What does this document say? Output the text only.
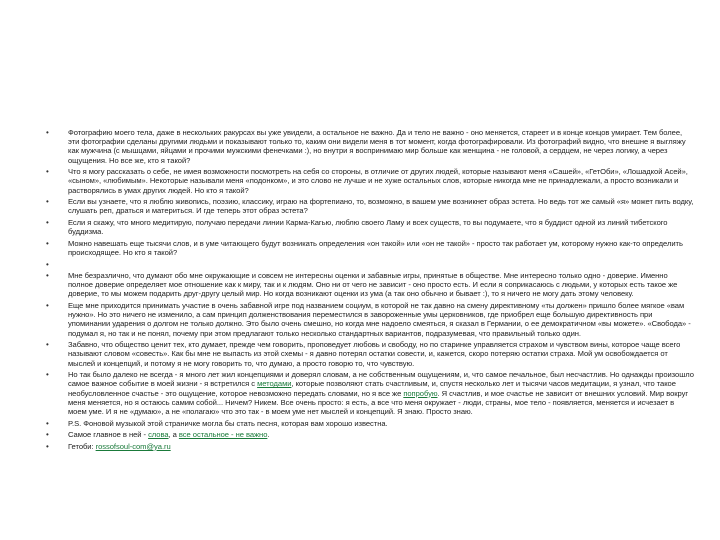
• Фотографию моего тела, даже в нескольких ракурсах вы уже увидели, а остальное не важно. Да и тело не важно - оно меняется, стареет и в конце концов умирает. Тем более, эти фотографии сделаны другими людьми и показывают только то, каким они видели меня в тот момент, когда фотографировали. Из фотографий видно, что внешне я выгляжу как мужчина (с мышцами, яйцами и прочими мужскими фенечками :), но внутри я воспринимаю мир больше как женщина - не головой, а сердцем, не через логику, а через ощущения. Но все же, кто я такой?
• Что я могу рассказать о себе, не имея возможности посмотреть на себя со стороны, в отличие от других людей, которые называют меня «Сашей», «ГетОби», «Лошадкой Асей», «сыном», «любимым». Некоторые называли меня «подонком», и это слово не лучше и не хуже остальных слов, которые никогда мне не принадлежали, а просто возникали и растворялись в умах других людей. Но кто я такой?
• Если вы узнаете, что я люблю живопись, поэзию, классику, играю на фортепиано, то, возможно, в вашем уме возникнет образ эстета. Но ведь тот же самый «я» может пить водку, слушать реп, драться и материться. И где теперь этот образ эстета?
• Если я скажу, что много медитирую, получаю передачи линии Карма-Кагью, люблю своего Ламу и всех существ, то вы подумаете, что я буддист одной из линий тибетского буддизма.
• Можно навешать еще тысячи слов, и в уме читающего будут возникать определения «он такой» или «он не такой» - просто так работает ум, которому нужно как-то определить происходящее. Но кто я такой?
•
• Мне безразлично, что думают обо мне окружающие и совсем не интересны оценки и забавные игры, принятые в обществе. Мне интересно только одно - доверие. Именно полное доверие определяет мое отношение как к миру, так и к людям. Оно ни от чего не зависит - оно просто есть. И если я соприкасаюсь с людьми, у которых есть такое же доверие, то мы можем подарить друг-другу целый мир. Но когда возникают оценки из ума (а так оно обычно и бывает :), то я ничего не могу дать этому человеку.
• Еще мне приходится принимать участие в очень забавной игре под названием социум, в которой не так давно на смену директивному «ты должен» пришло более мягкое «вам нужно». Но это ничего не изменило, а сам принцип долженствования переместился в завороженные умы церковников, где приобрел еще большую директивность при упоминании ударения о долгом не только должно. Это было очень смешно, но когда мне надоело смеяться, я сказал в Германии, о ее демократичном «вы можете». «Свобода» - подумал я, но так и не понял, почему при этом предлагают только несколько стандартных вариантов, подразумевая, что правильный только один.
• Забавно, что общество ценит тех, кто думает, прежде чем говорить, проповедует любовь и свободу, но по старинке управляется страхом и чувством вины, которое чаще всего называют словом «совесть». Как бы мне не выпасть из этой схемы - я давно потерял остатки совести, и, кажется, скоро потеряю остатки страха. Мой ум освобождается от мыслей и концепций, и потому я не могу говорить то, что думаю, а просто говорю то, что чувствую.
• Но так было далеко не всегда - я много лет жил концепциями и доверял словам, а не собственным ощущениям, и, что самое печальное, был несчастлив. Но однажды произошло самое важное событие в моей жизни - я встретился с методами, которые позволяют стать счастливым, и, спустя несколько лет и тысячи часов медитации, я узнал, что такое необусловленное счастье - это ощущение, которое невозможно передать словами, но я все же попробую. Я счастлив, и мое счастье не зависит от внешних условий. Мир вокруг меня меняется, но я остаюсь самим собой... Ничем? Никем. Все очень просто: я есть, а все что меня окружает - люди, страны, мое тело - появляется, меняется и исчезает в моем уме. И я не «думаю», а не «полагаю» что это так - в моем уме нет мыслей и концепций. Я знаю. Просто знаю.
• P.S. Фоновой музыкой этой страничке могла бы стать песня, которая вам хорошо известна.
• Самое главное в ней - слова, а все остальное - не важно.
• Гетоби: rossofsoul-com@ya.ru
